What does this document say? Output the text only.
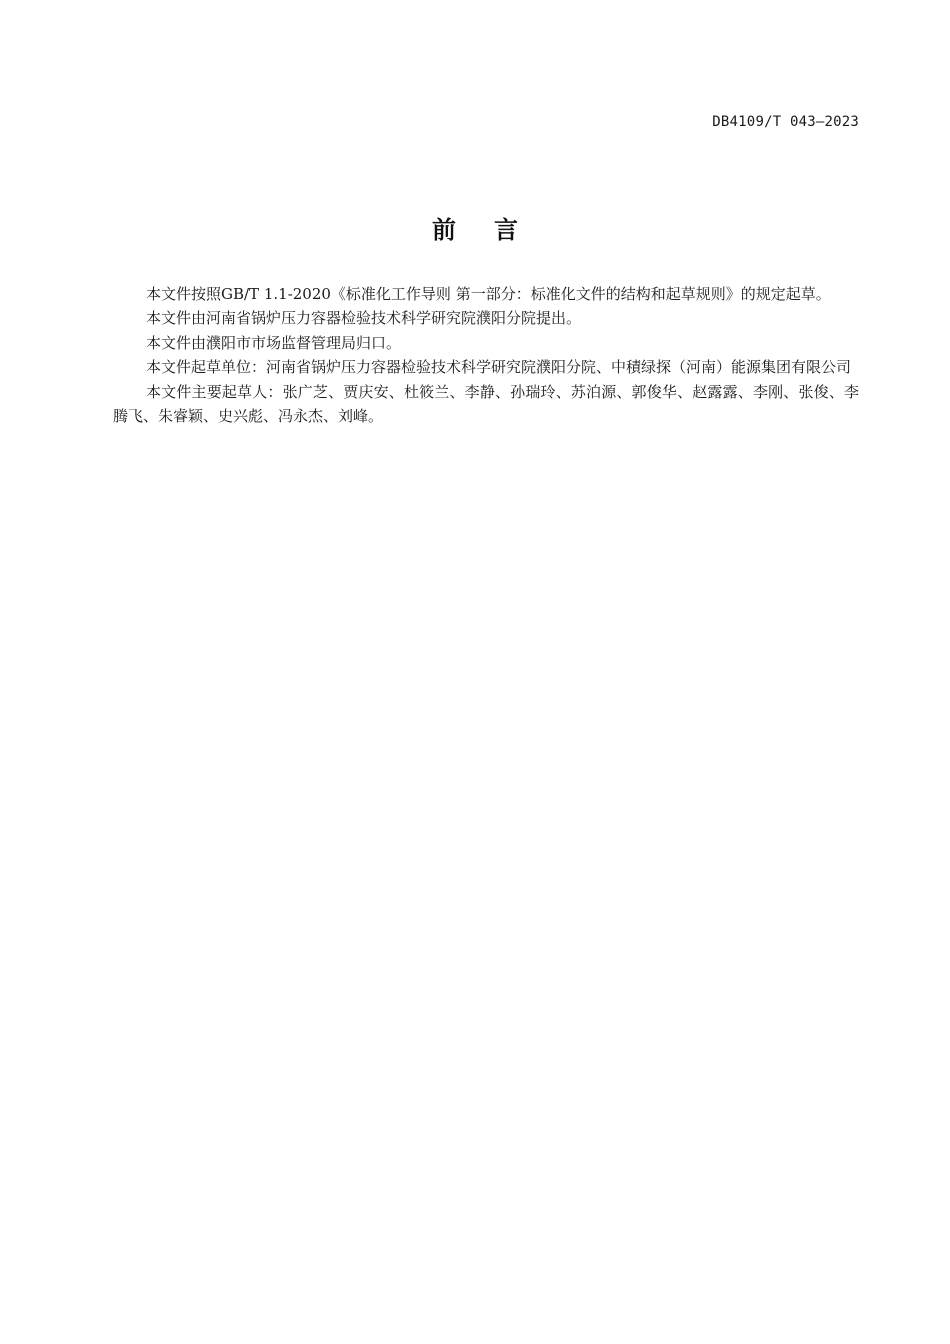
DB4109/T 043—2023
前 言

本文件按照GB/T 1.1-2020《标准化工作导则 第一部分：标准化文件的结构和起草规则》的规定起草。

本文件由河南省锅炉压力容器检验技术科学研究院濮阳分院提出。

本文件由濮阳市市场监督管理局归口。

本文件起草单位：河南省锅炉压力容器检验技术科学研究院濮阳分院、中積绿探（河南）能源集团有限公司

本文件主要起草人：张广芝、贾庆安、杜筱兰、李静、孙瑞玲、苏泊源、郭俊华、赵露露、李刚、张俊、李腾飞、朱睿颖、史兴彪、冯永杰、刘峰。
